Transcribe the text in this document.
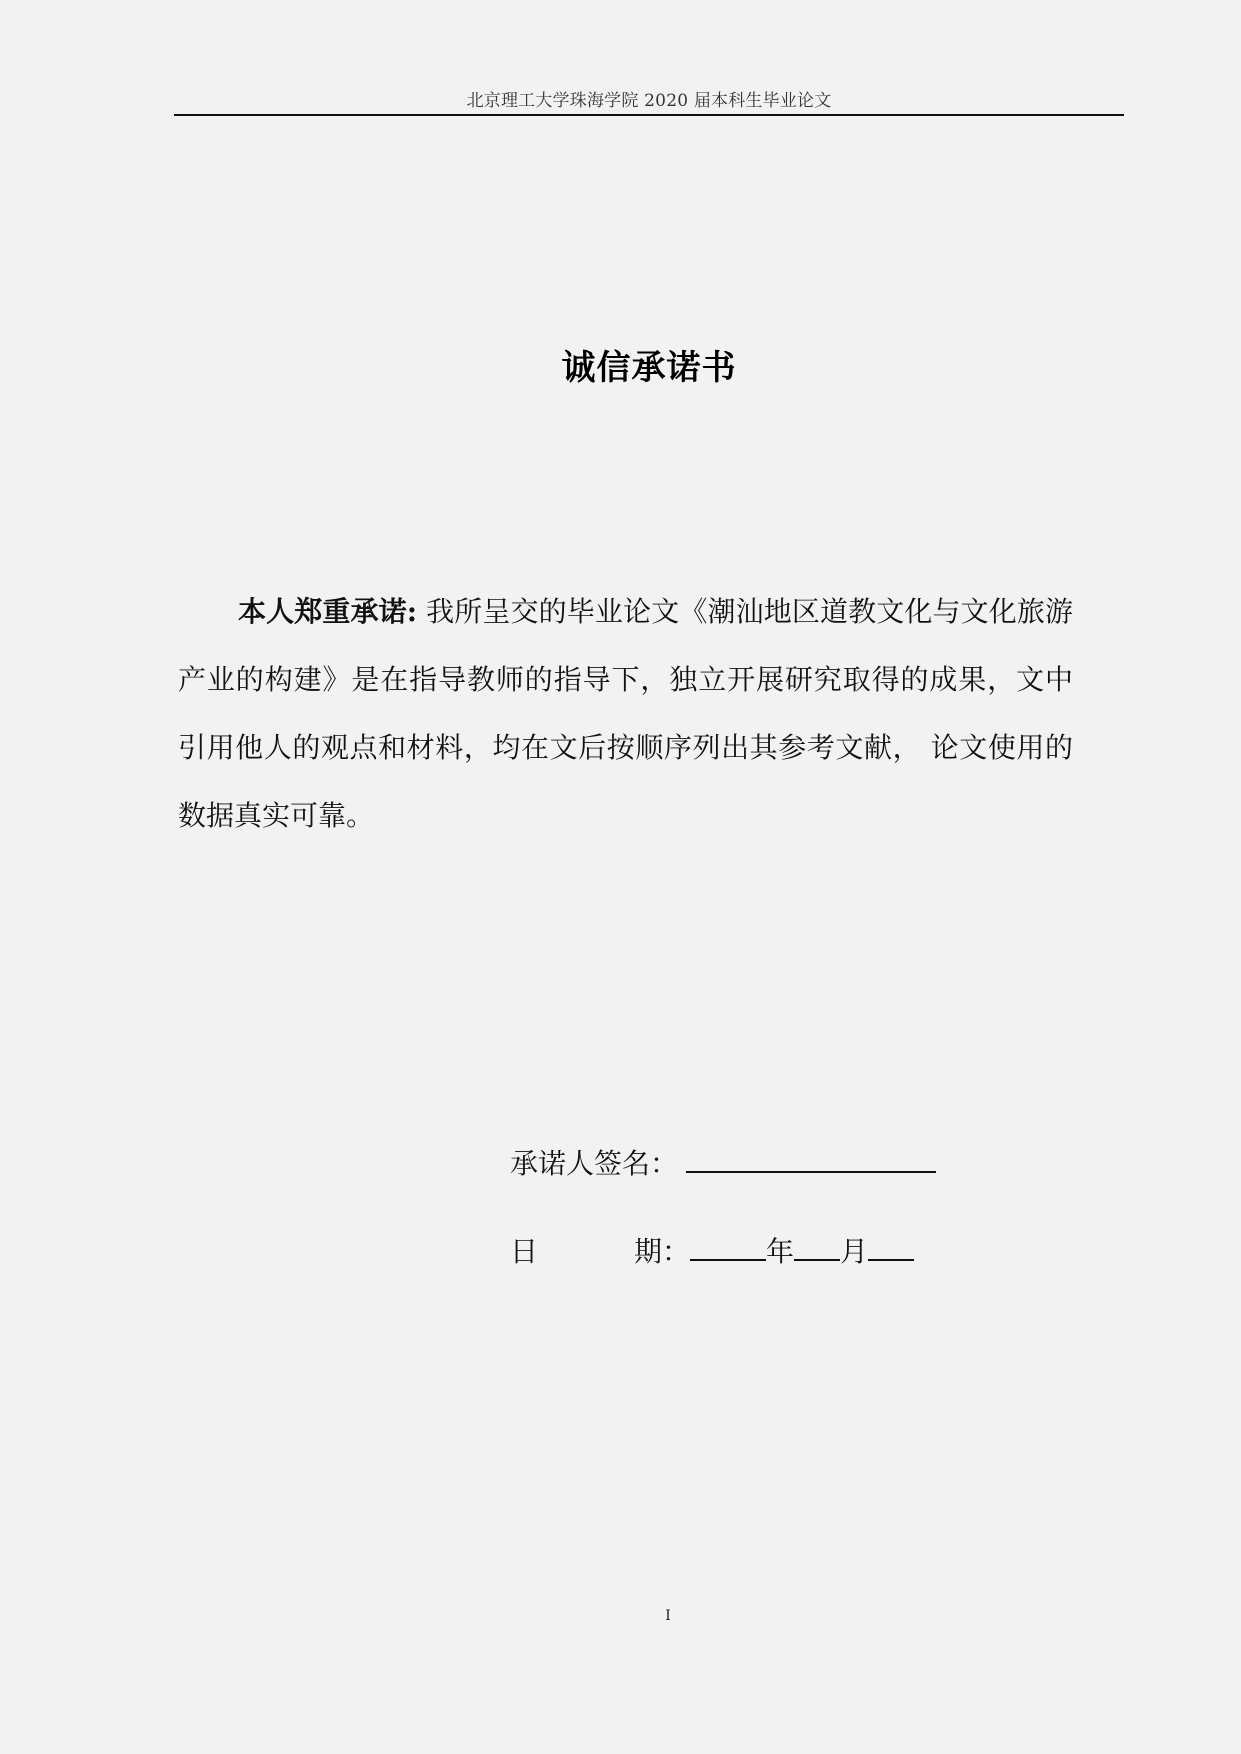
北京理工大学珠海学院 2020 届本科生毕业论文
诚信承诺书

本人郑重承诺: 我所呈交的毕业论文《潮汕地区道教文化与文化旅游产业的构建》是在指导教师的指导下，独立开展研究取得的成果，文中引用他人的观点和材料，均在文后按顺序列出其参考文献， 论文使用的数据真实可靠。

承诺人签名：
日	期：	年 月
I
